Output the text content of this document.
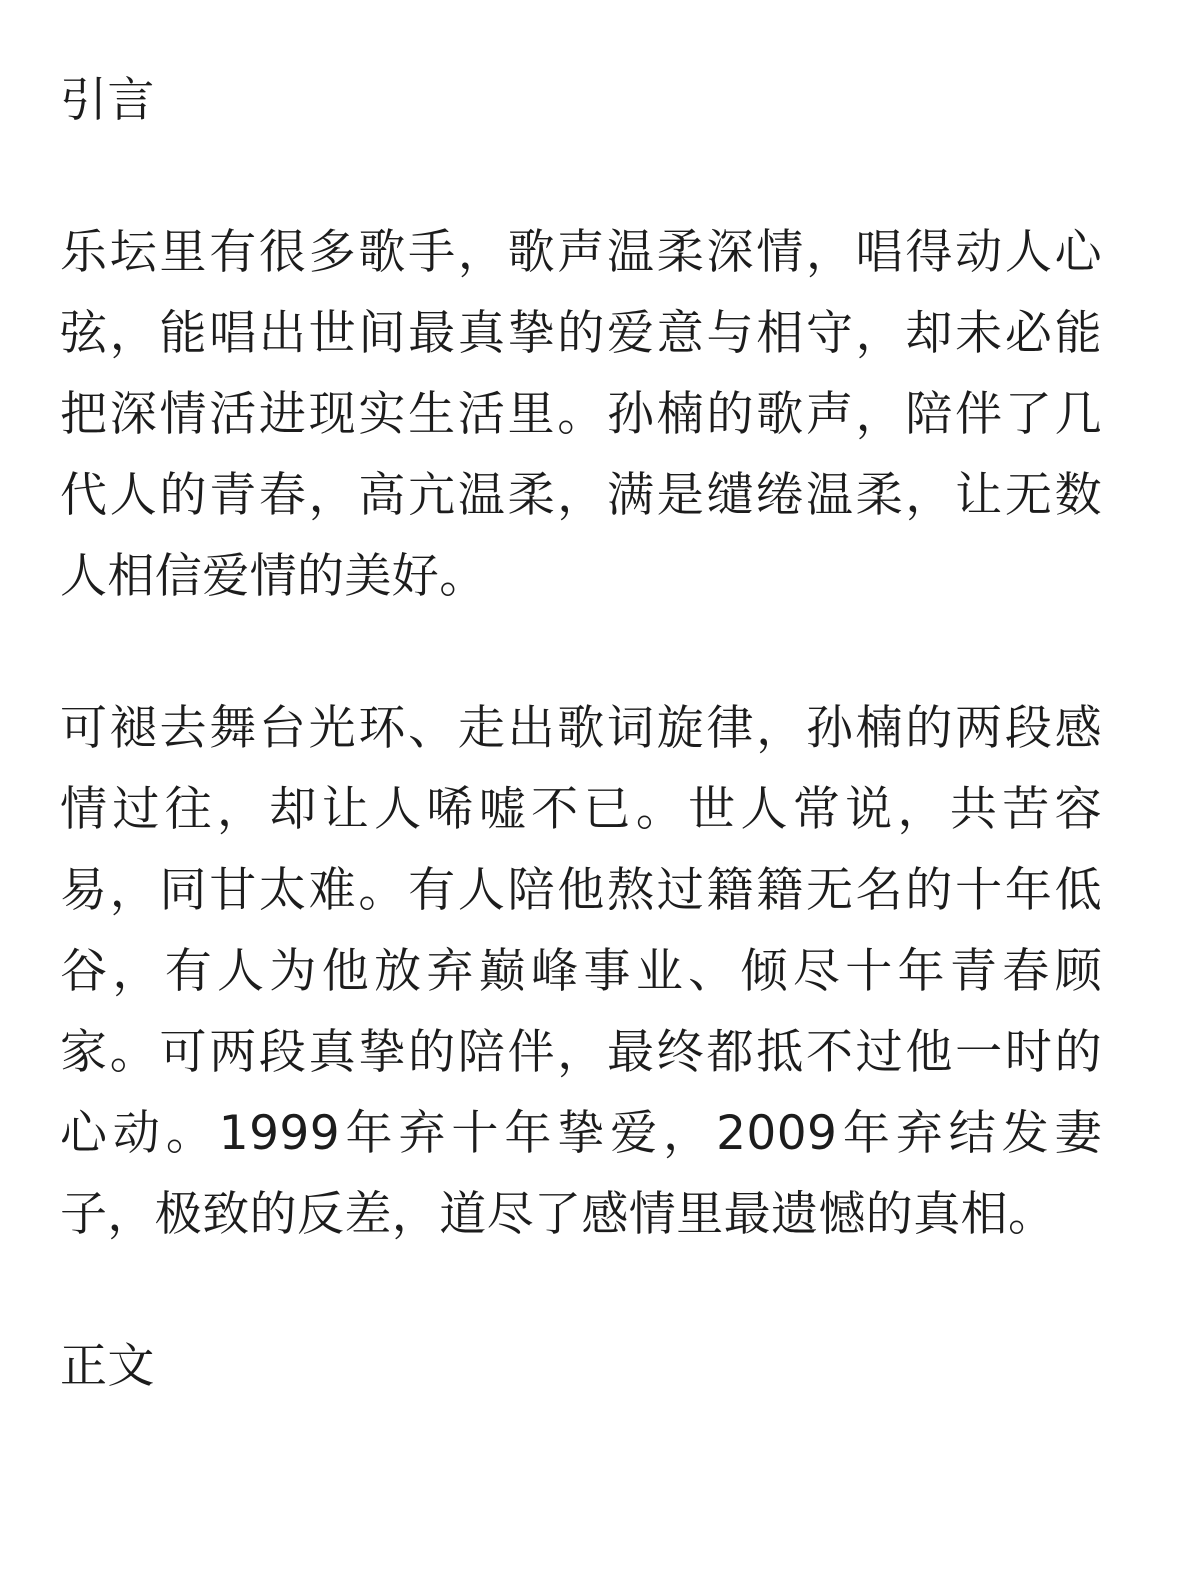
引言

乐坛里有很多歌手，歌声温柔深情，唱得动人心弦，能唱出世间最真挚的爱意与相守，却未必能把深情活进现实生活里。孙楠的歌声，陪伴了几代人的青春，高亢温柔，满是缱绻温柔，让无数人相信爱情的美好。

可褪去舞台光环、走出歌词旋律，孙楠的两段感情过往，却让人唏嘘不已。世人常说，共苦容易，同甘太难。有人陪他熬过籍籍无名的十年低谷，有人为他放弃巅峰事业、倾尽十年青春顾家。可两段真挚的陪伴，最终都抵不过他一时的心动。1999年弃十年挚爱，2009年弃结发妻子，极致的反差，道尽了感情里最遗憾的真相。

正文
